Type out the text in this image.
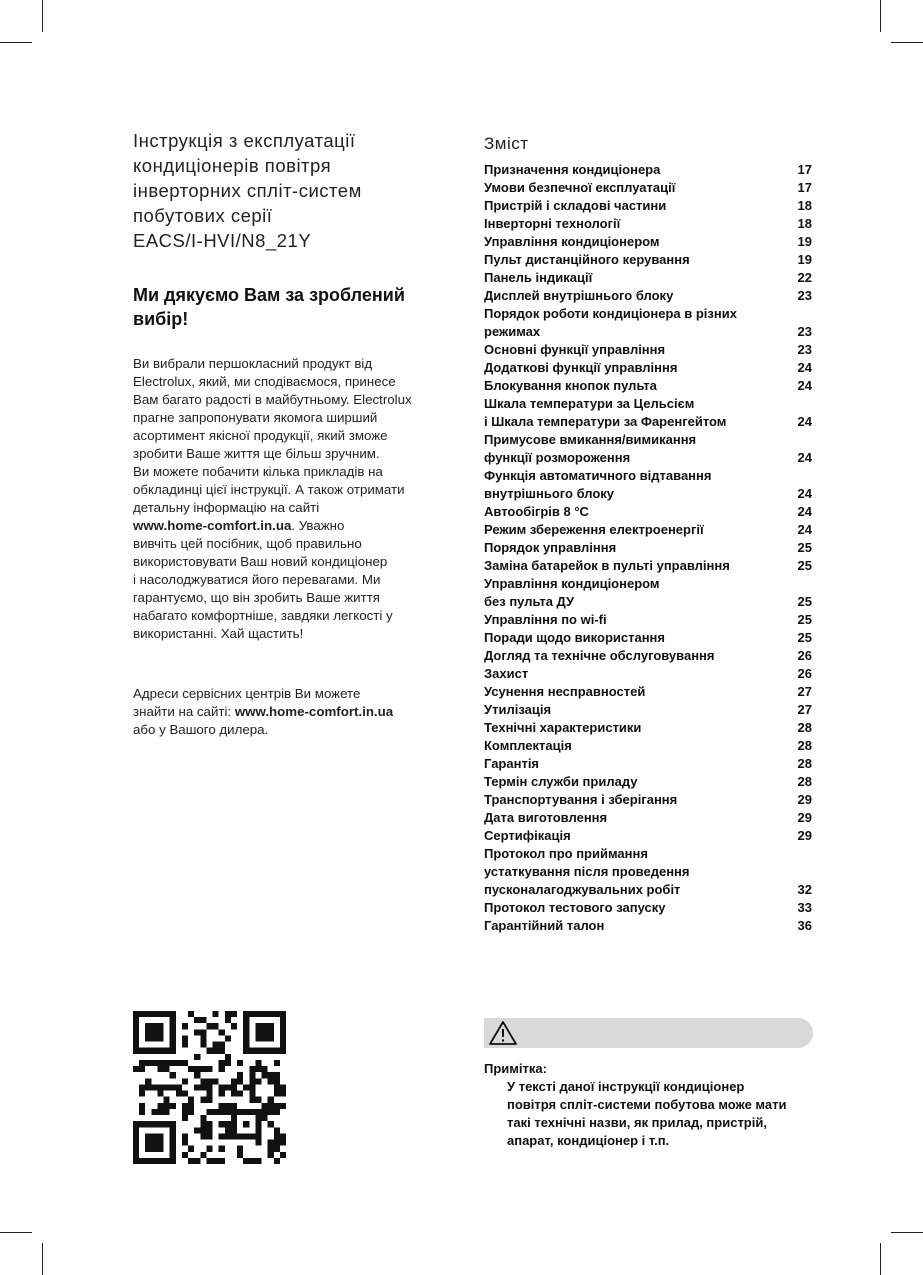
Інструкція з експлуатації
кондиціонерів повітря
інверторних спліт-систем
побутових серії
EACS/I-HVI/N8_21Y
Ми дякуємо Вам за зроблений
вибір!
Ви вибрали першокласний продукт від
Electrolux, який, ми сподіваємося, принесе
Вам багато радості в майбутньому. Electrolux
прагне запропонувати якомога ширший
асортимент якісної продукції, який зможе
зробити Ваше життя ще більш зручним.
Ви можете побачити кілька прикладів на
обкладинці цієї інструкції. А також отримати
детальну інформацію на сайті
www.home-comfort.in.ua. Уважно
вивчіть цей посібник, щоб правильно
використовувати Ваш новий кондиціонер
і насолоджуватися його перевагами. Ми
гарантуємо, що він зробить Ваше життя
набагато комфортніше, завдяки легкості у
використанні. Хай щастить!
Адреси сервісних центрів Ви можете
знайти на сайті: www.home-comfort.in.ua
або у Вашого дилера.
Зміст
Призначення кондиціонера	17
Умови безпечної експлуатації	17
Пристрій і складові частини	18
Інверторні технології	18
Управління кондиціонером	19
Пульт дистанційного керування	19
Панель індикації	22
Дисплей внутрішнього блоку	23
Порядок роботи кондиціонера в різних
режимах	23
Основні функції управління	23
Додаткові функції управління	24
Блокування кнопок пульта	24
Шкала температури за Цельсієм
і Шкала температури за Фаренгейтом	24
Примусове вмикання/вимикання
функції розмороження	24
Функція автоматичного відтавання
внутрішнього блоку	24
Автообігрів 8 °C	24
Режим збереження електроенергії	24
Порядок управління	25
Заміна батарейок в пульті управління	25
Управління кондиціонером
без пульта ДУ	25
Управління по wi-fi	25
Поради щодо використання	25
Догляд та технічне обслуговування	26
Захист	26
Усунення несправностей	27
Утилізація	27
Технічні характеристики	28
Комплектація	28
Гарантія	28
Термін служби приладу	28
Транспортування і зберігання	29
Дата виготовлення	29
Сертифікація	29
Протокол про приймання
устаткування після проведення
пусконалагоджувальних робіт	32
Протокол тестового запуску	33
Гарантійний талон	36
Примітка:
У тексті даної інструкції кондиціонер
повітря спліт-системи побутова може мати
такі технічні назви, як прилад, пристрій,
апарат, кондиціонер і т.п.
